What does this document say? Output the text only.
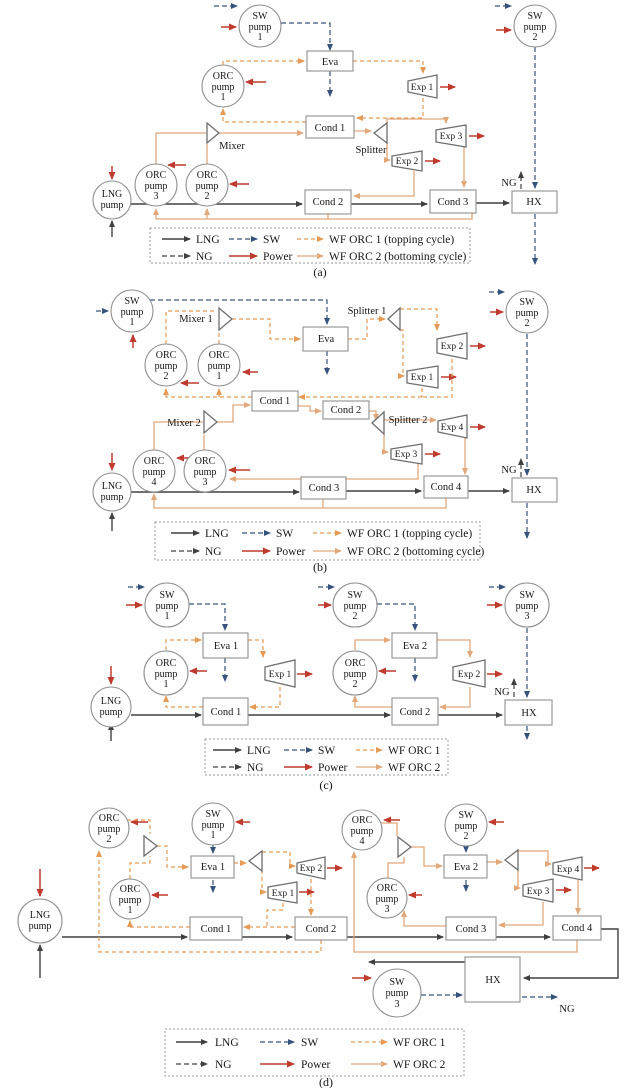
SW pump 1
SW pump 2
Eva
ORC pump 1
Exp 1
Mixer
Cond 1
Splitter
Exp 3
Exp 2
ORC pump 3
ORC pump 2
LNG pump	Cond 2	Cond 3	HX
NG
LNG	SW	WF ORC 1 (topping cycle)
NG	Power	WF ORC 2 (bottoming cycle)
(a)
SW pump 1	Mixer 1
ORC pump 2
ORC pump 1
Eva
Splitter 1
Exp 2
Exp 1
SW pump 2
Cond 1
Cond 2
Mixer 2	Splitter 2
Exp 4
Exp 3
ORC pump 4
ORC pump 3
LNG pump
Cond 3	Cond 4	HX
NG
LNG	SW	WF ORC 1 (topping cycle)
NG	Power	WF ORC 2 (bottoming cycle)
(b)
SW pump 1
SW pump 2
SW pump 3
Eva 1	Eva 2
ORC pump 1
ORC pump 2
Exp 1	Exp 2
LNG pump	Cond 1	Cond 2	HX
NG
LNG	SW	WF ORC 1
NG	Power	WF ORC 2
(c)
ORC pump 2
SW pump 1
Eva 1	Exp 2
Exp 1
ORC pump 1
LNG pump	Cond 1	Cond 2
ORC pump 4
SW pump 2
Eva 2	Exp 4
Exp 3
ORC pump 3
Cond 3	Cond 4
HX
SW pump 3	NG
LNG	SW	WF ORC 1
NG	Power	WF ORC 2
(d)
